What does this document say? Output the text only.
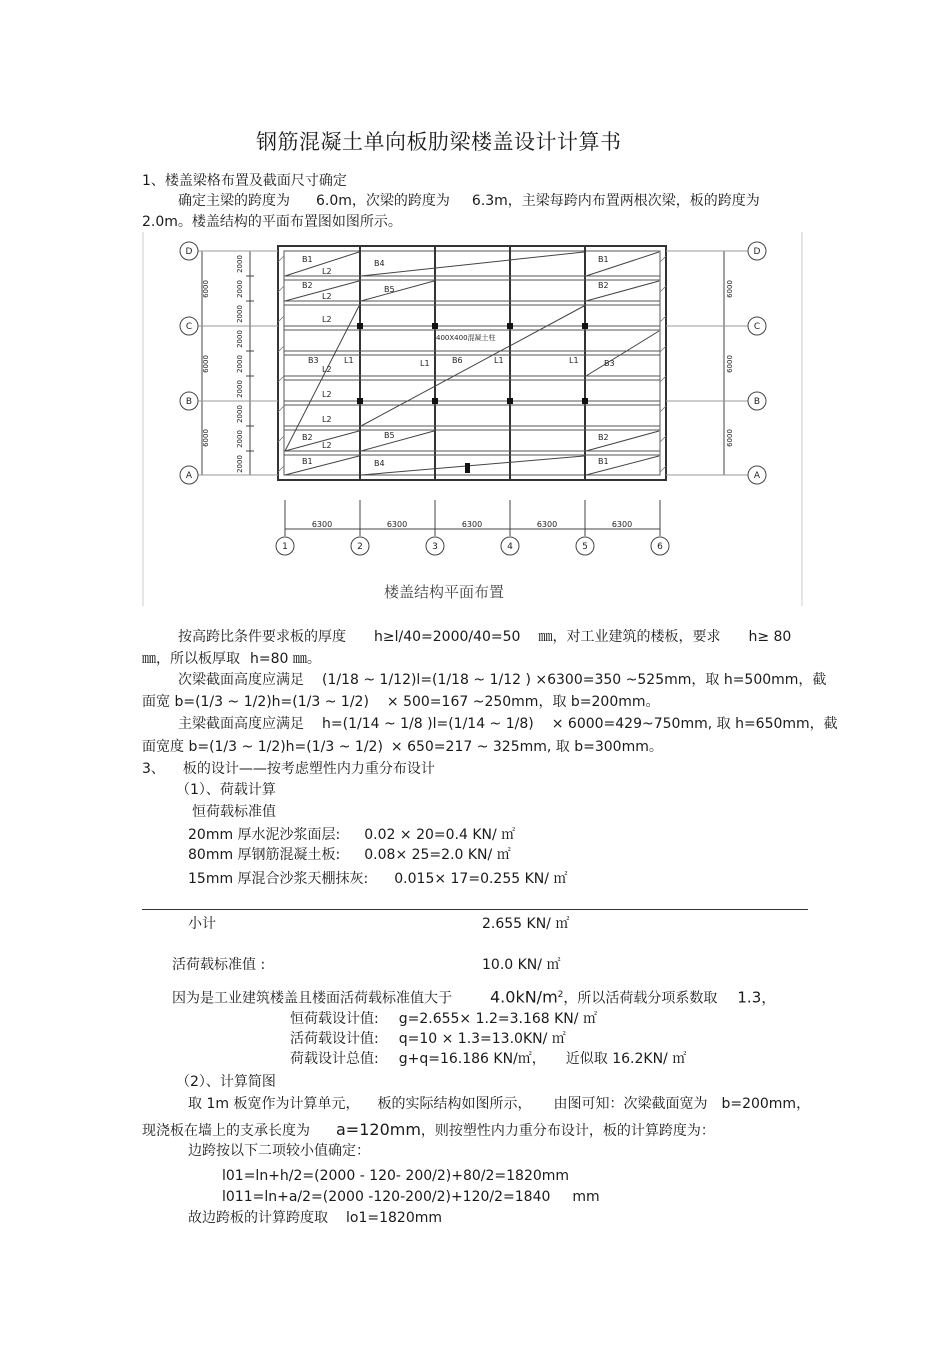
钢筋混凝土单向板肋梁楼盖设计计算书
1、楼盖梁格布置及截面尺寸确定
确定主梁的跨度为 6.0m，次梁的跨度为 6.3m，主梁每跨内布置两根次梁，板的跨度为
2.0m。楼盖结构的平面布置图如图所示。
B1
L2
B4	B1
B2
L2
B5	B2
L2
B3	L1	L1	B6	L1	L1	B3
L2
L2
L2
B2
L2
B5	B2
B1	B4	B1
400X400混凝土柱
D
C
B
A
6000
6000
6000
2000
2000
2000
2000
2000
2000
2000
2000
2000
D
C
B
A
6000
6000
6000
6300	6300	6300	6300	6300
1	2	3	4	5	6
楼盖结构平面布置
按高跨比条件要求板的厚度 h≥l/40=2000/40=50 ㎜，对工业建筑的楼板，要求 h≥ 80
㎜，所以板厚取 h=80 ㎜。
次梁截面高度应满足 (1/18 ~ 1/12)l=(1/18 ~ 1/12 ) ×6300=350 ~525mm，取 h=500mm，截
面宽 b=(1/3 ~ 1/2)h=(1/3 ~ 1/2) × 500=167 ~250mm，取 b=200mm。
主梁截面高度应满足 h=(1/14 ~ 1/8 )l=(1/14 ~ 1/8) × 6000=429~750mm, 取 h=650mm，截
面宽度 b=(1/3 ~ 1/2)h=(1/3 ~ 1/2) × 650=217 ~ 325mm, 取 b=300mm。
3、 板的设计——按考虑塑性内力重分布设计
（1）、荷载计算
恒荷载标准值
20mm 厚水泥沙浆面层: 0.02 × 20=0.4 KN/ ㎡
80mm 厚钢筋混凝土板: 0.08× 25=2.0 KN/ ㎡
15mm 厚混合沙浆天棚抹灰: 0.015× 17=0.255 KN/ ㎡
小计	2.655 KN/ ㎡
活荷载标准值 :	10.0 KN/ ㎡
因为是工业建筑楼盖且楼面活荷载标准值大于 $4.0kN/m^2$，所以活荷载分项系数取 1.3，
恒荷载设计值: g=2.655× 1.2=3.168 KN/ ㎡
活荷载设计值: q=10 × 1.3=13.0KN/ ㎡
荷载设计总值: g+q=16.186 KN/㎡， 近似取 16.2KN/ ㎡
（2）、计算简图
取 1m 板宽作为计算单元， 板的实际结构如图所示， 由图可知：次梁截面宽为 b=200mm，
现浇板在墙上的支承长度为 a=120mm，则按塑性内力重分布设计，板的计算跨度为：
边跨按以下二项较小值确定：
l01=ln+h/2=(2000 - 120- 200/2)+80/2=1820mm
l011=ln+a/2=(2000 -120-200/2)+120/2=1840 mm
故边跨板的计算跨度取 lo1=1820mm
